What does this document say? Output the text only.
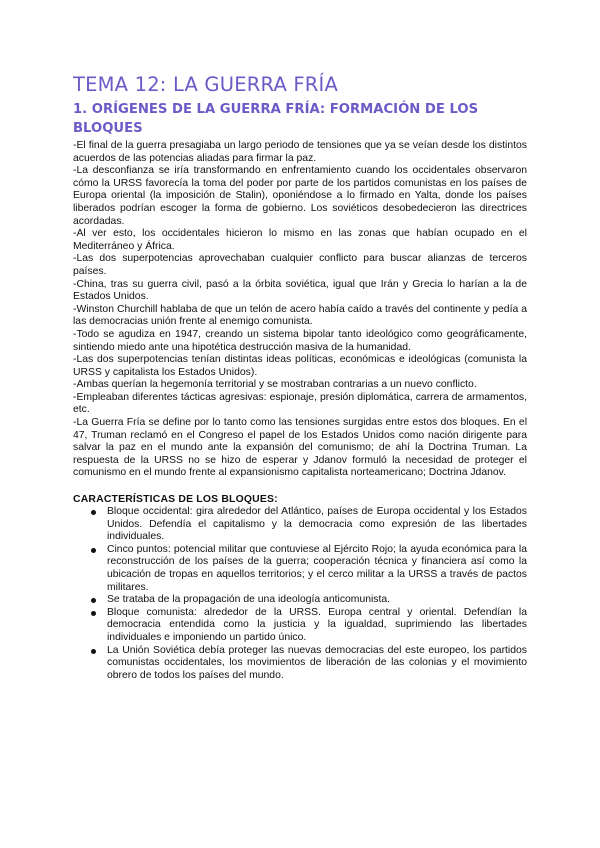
TEMA 12: LA GUERRA FRÍA
1. ORÍGENES DE LA GUERRA FRÍA: FORMACIÓN DE LOS BLOQUES

-El final de la guerra presagiaba un largo periodo de tensiones que ya se veían desde los distintos acuerdos de las potencias aliadas para firmar la paz.

-La desconfianza se iría transformando en enfrentamiento cuando los occidentales observaron cómo la URSS favorecía la toma del poder por parte de los partidos comunistas en los países de Europa oriental (la imposición de Stalin), oponiéndose a lo firmado en Yalta, donde los países liberados podrían escoger la forma de gobierno. Los soviéticos desobedecieron las directrices acordadas.

-Al ver esto, los occidentales hicieron lo mismo en las zonas que habían ocupado en el Mediterráneo y África.

-Las dos superpotencias aprovechaban cualquier conflicto para buscar alianzas de terceros países.

-China, tras su guerra civil, pasó a la órbita soviética, igual que Irán y Grecia lo harían a la de Estados Unidos.

-Winston Churchill hablaba de que un telón de acero había caído a través del continente y pedía a las democracias unión frente al enemigo comunista.

-Todo se agudiza en 1947, creando un sistema bipolar tanto ideológico como geográficamente, sintiendo miedo ante una hipotética destrucción masiva de la humanidad.

-Las dos superpotencias tenían distintas ideas políticas, económicas e ideológicas (comunista la URSS y capitalista los Estados Unidos).

-Ambas querían la hegemonía territorial y se mostraban contrarias a un nuevo conflicto.

-Empleaban diferentes tácticas agresivas: espionaje, presión diplomática, carrera de armamentos, etc.

-La Guerra Fría se define por lo tanto como las tensiones surgidas entre estos dos bloques. En el 47, Truman reclamó en el Congreso el papel de los Estados Unidos como nación dirigente para salvar la paz en el mundo ante la expansión del comunismo; de ahí la Doctrina Truman. La respuesta de la URSS no se hizo de esperar y Jdanov formuló la necesidad de proteger el comunismo en el mundo frente al expansionismo capitalista norteamericano; Doctrina Jdanov.

CARACTERÍSTICAS DE LOS BLOQUES:
Bloque occidental: gira alrededor del Atlántico, países de Europa occidental y los Estados Unidos. Defendía el capitalismo y la democracia como expresión de las libertades individuales.
Cinco puntos: potencial militar que contuviese al Ejército Rojo; la ayuda económica para la reconstrucción de los países de la guerra; cooperación técnica y financiera así como la ubicación de tropas en aquellos territorios; y el cerco militar a la URSS a través de pactos militares.
Se trataba de la propagación de una ideología anticomunista.
Bloque comunista: alrededor de la URSS. Europa central y oriental. Defendían la democracia entendida como la justicia y la igualdad, suprimiendo las libertades individuales e imponiendo un partido único.
La Unión Soviética debía proteger las nuevas democracias del este europeo, los partidos comunistas occidentales, los movimientos de liberación de las colonias y el movimiento obrero de todos los países del mundo.
